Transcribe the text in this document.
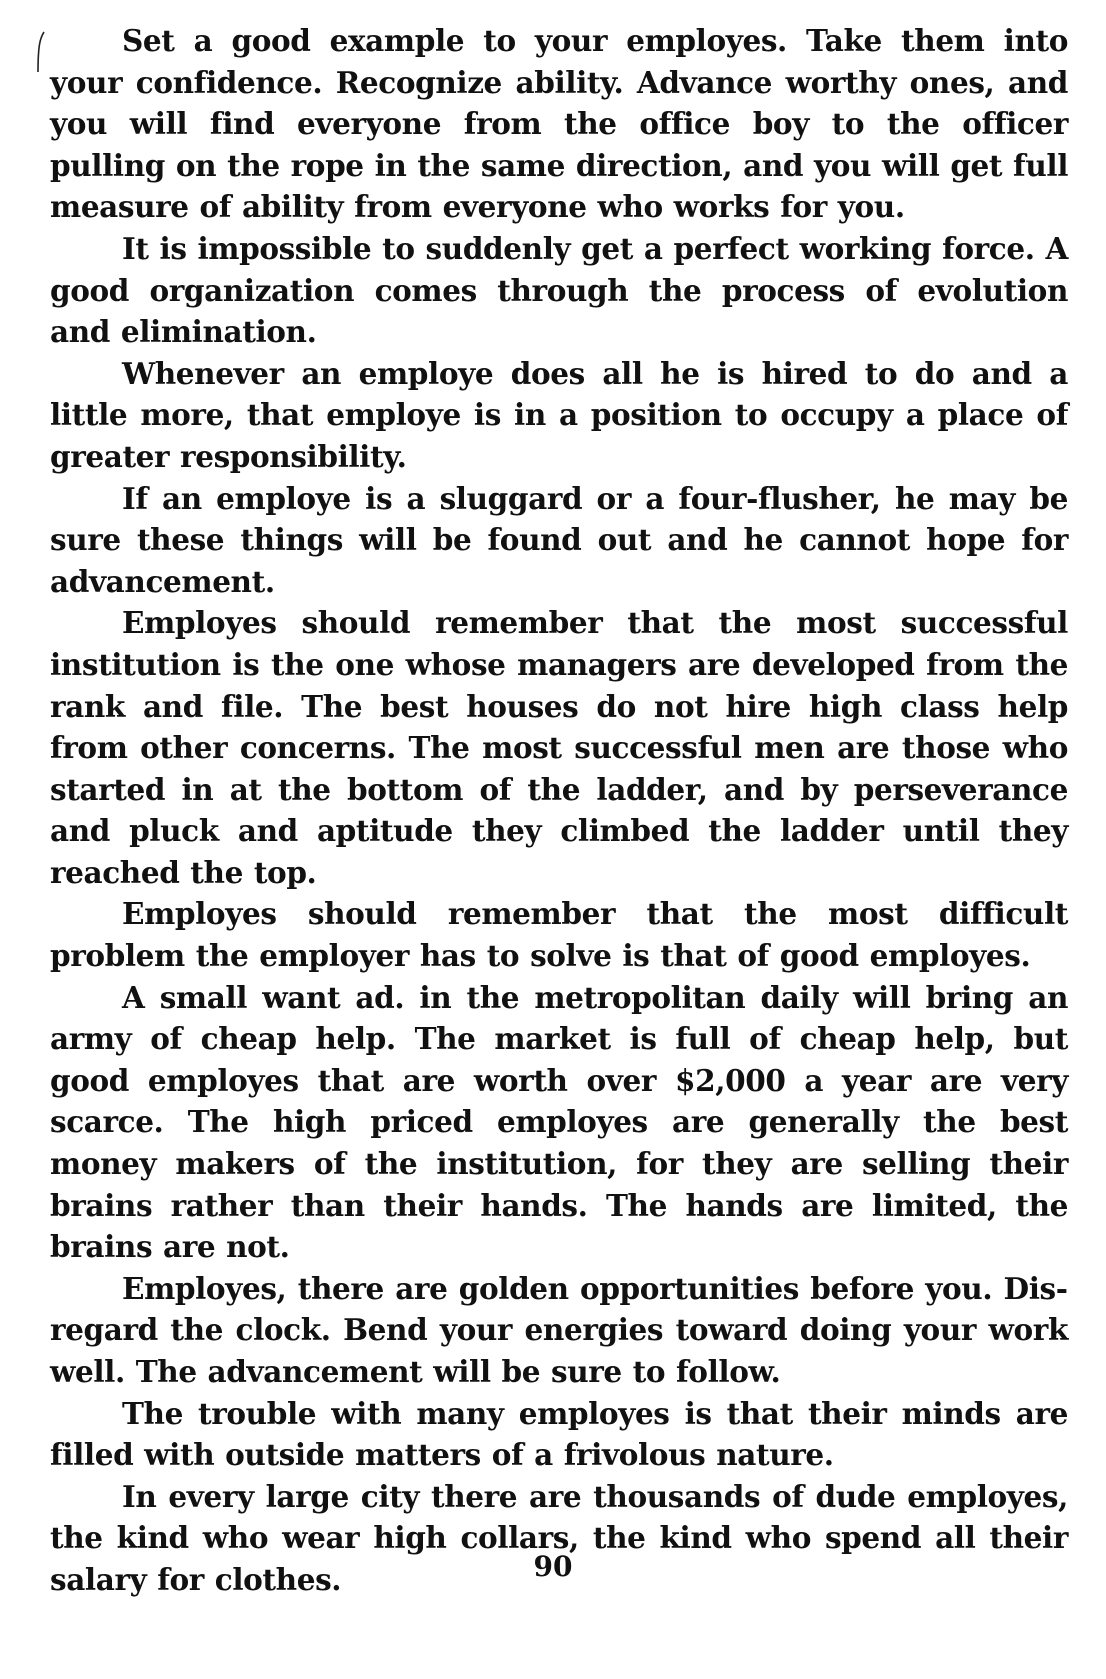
Set a good example to your employes. Take them into your confidence. Recognize ability. Advance worthy ones, and you will find everyone from the office boy to the officer pulling on the rope in the same direction, and you will get full measure of ability from everyone who works for you.

It is impossible to suddenly get a perfect working force. A good organization comes through the process of evolution and elimination.

Whenever an employe does all he is hired to do and a little more, that employe is in a position to occupy a place of greater responsibility.

If an employe is a sluggard or a four-flusher, he may be sure these things will be found out and he cannot hope for advancement.

Employes should remember that the most successful institution is the one whose managers are developed from the rank and file. The best houses do not hire high class help from other concerns. The most successful men are those who started in at the bottom of the ladder, and by perseverance and pluck and aptitude they climbed the ladder until they reached the top.

Employes should remember that the most difficult problem the employer has to solve is that of good employes.

A small want ad. in the metropolitan daily will bring an army of cheap help. The market is full of cheap help, but good employes that are worth over $2,000 a year are very scarce. The high priced employes are generally the best money makers of the institution, for they are selling their brains rather than their hands. The hands are limited, the brains are not.

Employes, there are golden opportunities before you. Disregard the clock. Bend your energies toward doing your work well. The advancement will be sure to follow.

The trouble with many employes is that their minds are filled with outside matters of a frivolous nature.

In every large city there are thousands of dude employes, the kind who wear high collars, the kind who spend all their salary for clothes.	90
